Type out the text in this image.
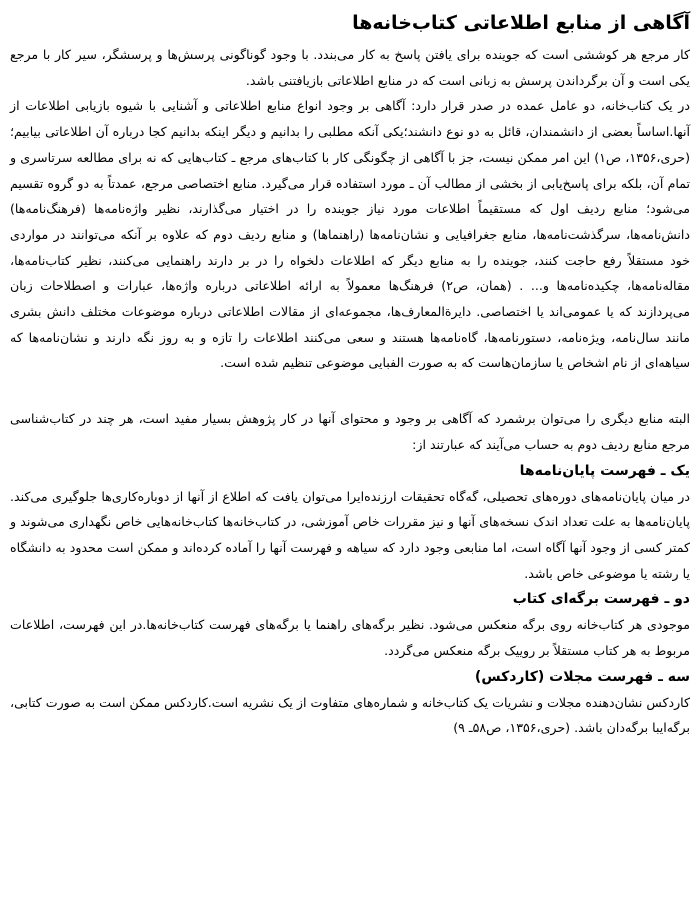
آگاهی از منابع اطلاعاتی کتاب‌خانه‌ها

کار مرجع هر کوششی است که جوینده برای یافتن پاسخ به کار می‌بندد. با وجود گوناگونی پرسش‌ها و پرسشگر، سیر کار با مرجع یکی است و آن برگرداندن پرسش به زبانی است که در منابع اطلاعاتی بازیافتنی باشد.

در یک کتاب‌خانه، دو عامل عمده در صدر قرار دارد: آگاهی بر وجود انواع منابع اطلاعاتی و آشنایی با شیوه بازیابی اطلاعات از آنها.اساساً بعضی از دانشمندان، قائل به دو نوع دانشند؛یکی آنکه مطلبی را بدانیم و دیگر اینکه بدانیم کجا درباره آن اطلاعاتی بیابیم؛(حری،۱۳۵۶، ص۱) این امر ممکن نیست، جز با آگاهی از چگونگی کار با کتاب‌های مرجع ـ کتاب‌هایی که نه برای مطالعه سرتاسری و تمام آن، بلکه برای پاسخ‌یابی از بخشی از مطالب آن ـ مورد استفاده قرار می‌گیرد. منابع اختصاصی مرجع، عمدتاً به دو گروه تقسیم می‌شود؛ منابع ردیف اول که مستقیماً اطلاعات مورد نیاز جوینده را در اختیار می‌گذارند، نظیر واژه‌نامه‌ها (فرهنگ‌نامه‌ها) دانش‌نامه‌ها، سرگذشت‌نامه‌ها، منابع جغرافیایی و نشان‌نامه‌ها (راهنماها) و منابع ردیف دوم که علاوه بر آنکه می‌توانند در مواردی خود مستقلاً رفع حاجت کنند، جوینده را به منابع دیگر که اطلاعات دلخواه را در بر دارند راهنمایی می‌کنند، نظیر کتاب‌نامه‌ها، مقاله‌نامه‌ها، چکیده‌نامه‌ها و... . (همان، ص۲) فرهنگ‌ها معمولاً به ارائه اطلاعاتی درباره واژه‌ها، عبارات و اصطلاحات زبان می‌پردازند که یا عمومی‌اند یا اختصاصی. دایرة‌المعارف‌ها، مجموعه‌ای از مقالات اطلاعاتی درباره موضوعات مختلف دانش بشری مانند سال‌نامه، ویژه‌نامه، دستورنامه‌ها، گاه‌نامه‌ها هستند و سعی می‌کنند اطلاعات را تازه و به روز نگه دارند و نشان‌نامه‌ها که سیاهه‌ای از نام اشخاص یا سازمان‌هاست که به صورت الفبایی موضوعی تنظیم شده است.

البته منابع دیگری را می‌توان برشمرد که آگاهی بر وجود و محتوای آنها در کار پژوهش بسیار مفید است، هر چند در کتاب‌شناسی مرجع منابع ردیف دوم به حساب می‌آیند که عبارتند از:

یک ـ فهرست پایان‌نامه‌ها

در میان پایان‌نامه‌های دوره‌های تحصیلی، گه‌گاه تحقیقات ارزنده‌ایرا می‌توان یافت که اطلاع از آنها از دوباره‌کاری‌ها جلوگیری می‌کند. پایان‌نامه‌ها به علت تعداد اندک نسخه‌های آنها و نیز مقررات خاص آموزشی، در کتاب‌خانه‌ها کتاب‌خانه‌هایی خاص نگهداری می‌شوند و کمتر کسی از وجود آنها آگاه است، اما منابعی وجود دارد که سیاهه و فهرست آنها را آماده کرده‌اند و ممکن است محدود به دانشگاه یا رشته یا موضوعی خاص باشد.

دو ـ فهرست برگه‌ای کتاب

موجودی هر کتاب‌خانه روی برگه منعکس می‌شود. نظیر برگه‌های راهنما یا برگه‌های فهرست کتاب‌خانه‌ها.در این فهرست، اطلاعات مربوط به هر کتاب مستقلاً بر روییک برگه منعکس می‌گردد.

سه ـ فهرست مجلات (کاردکس)

کاردکس نشان‌دهنده مجلات و نشریات یک کتاب‌خانه و شماره‌های متفاوت از یک نشریه است.کاردکس ممکن است به صورت کتابی، برگه‌ایبا برگه‌دان باشد. (حری،۱۳۵۶، ص۵۸ـ ۹)
